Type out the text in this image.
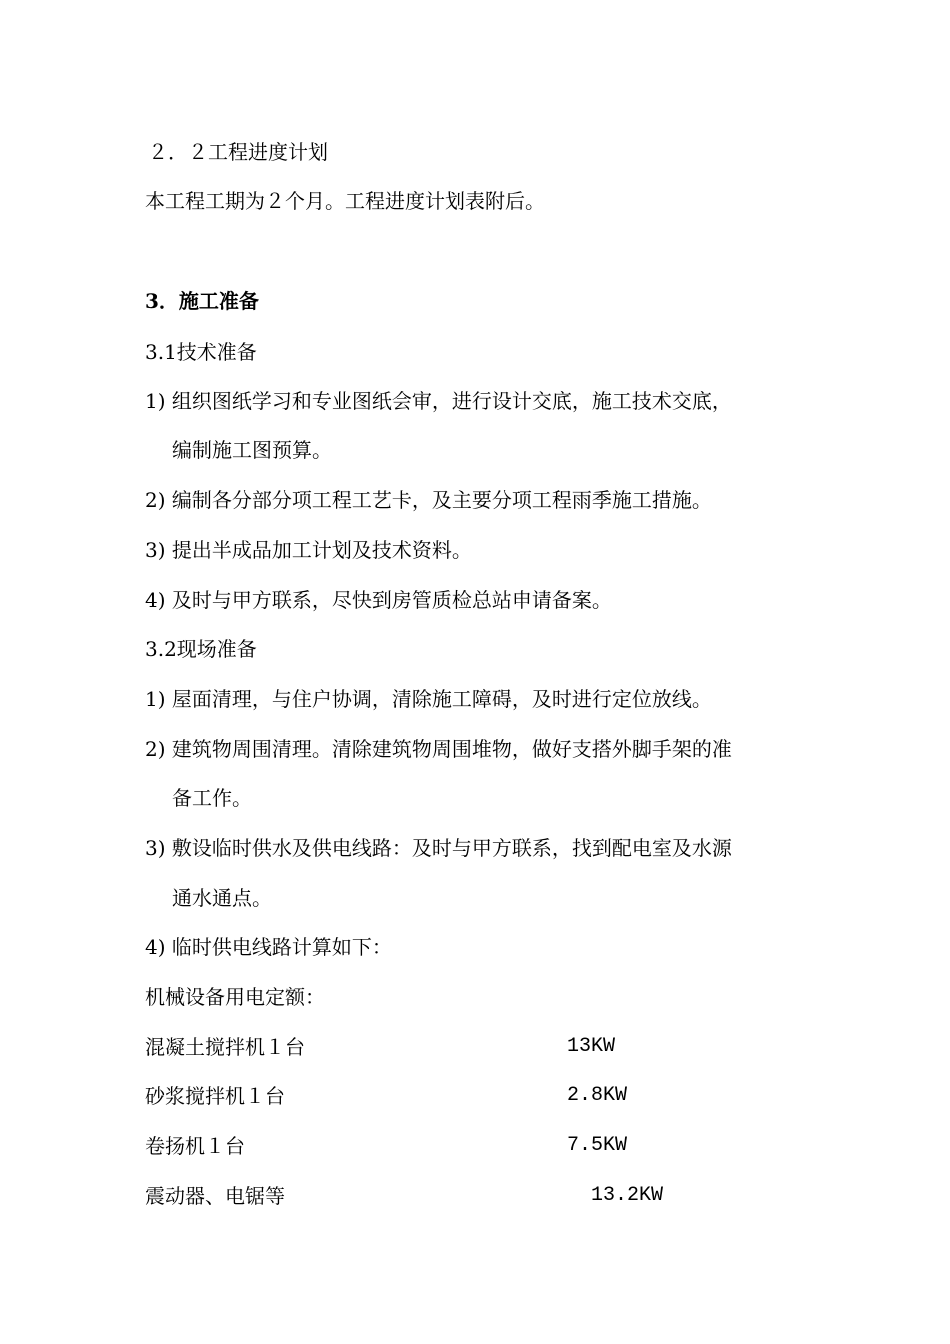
２．２工程进度计划
本工程工期为２个月。工程进度计划表附后。
3．施工准备
3.1技术准备
1) 组织图纸学习和专业图纸会审，进行设计交底，施工技术交底，
编制施工图预算。
2) 编制各分部分项工程工艺卡，及主要分项工程雨季施工措施。
3) 提出半成品加工计划及技术资料。
4) 及时与甲方联系，尽快到房管质检总站申请备案。
3.2现场准备
1) 屋面清理，与住户协调，清除施工障碍，及时进行定位放线。
2) 建筑物周围清理。清除建筑物周围堆物，做好支搭外脚手架的准
备工作。
3) 敷设临时供水及供电线路：及时与甲方联系，找到配电室及水源
通水通点。
4) 临时供电线路计算如下：
机械设备用电定额：
混凝土搅拌机１台	13KW
砂浆搅拌机１台	2.8KW
卷扬机１台	7.5KW
震动器、电锯等	13.2KW
